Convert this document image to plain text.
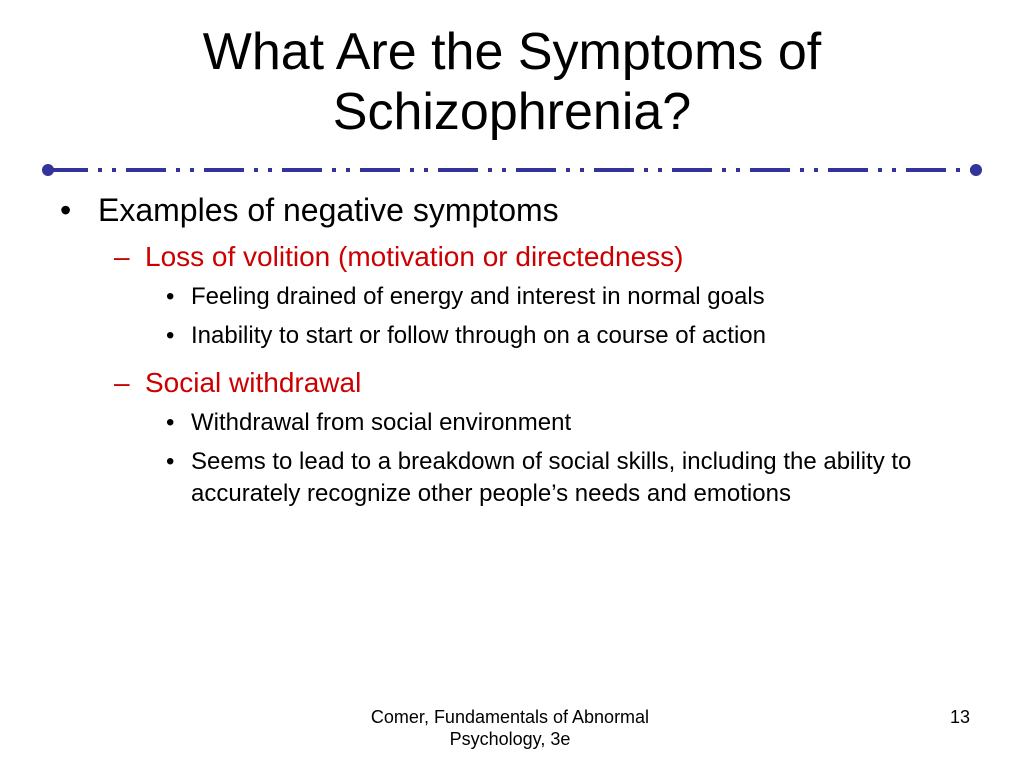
What Are the Symptoms of Schizophrenia?
• Examples of negative symptoms
– Loss of volition (motivation or directedness)
• Feeling drained of energy and interest in normal goals
• Inability to start or follow through on a course of action
– Social withdrawal
• Withdrawal from social environment
• Seems to lead to a breakdown of social skills, including the ability to accurately recognize other people’s needs and emotions
Comer, Fundamentals of Abnormal Psychology, 3e
13
